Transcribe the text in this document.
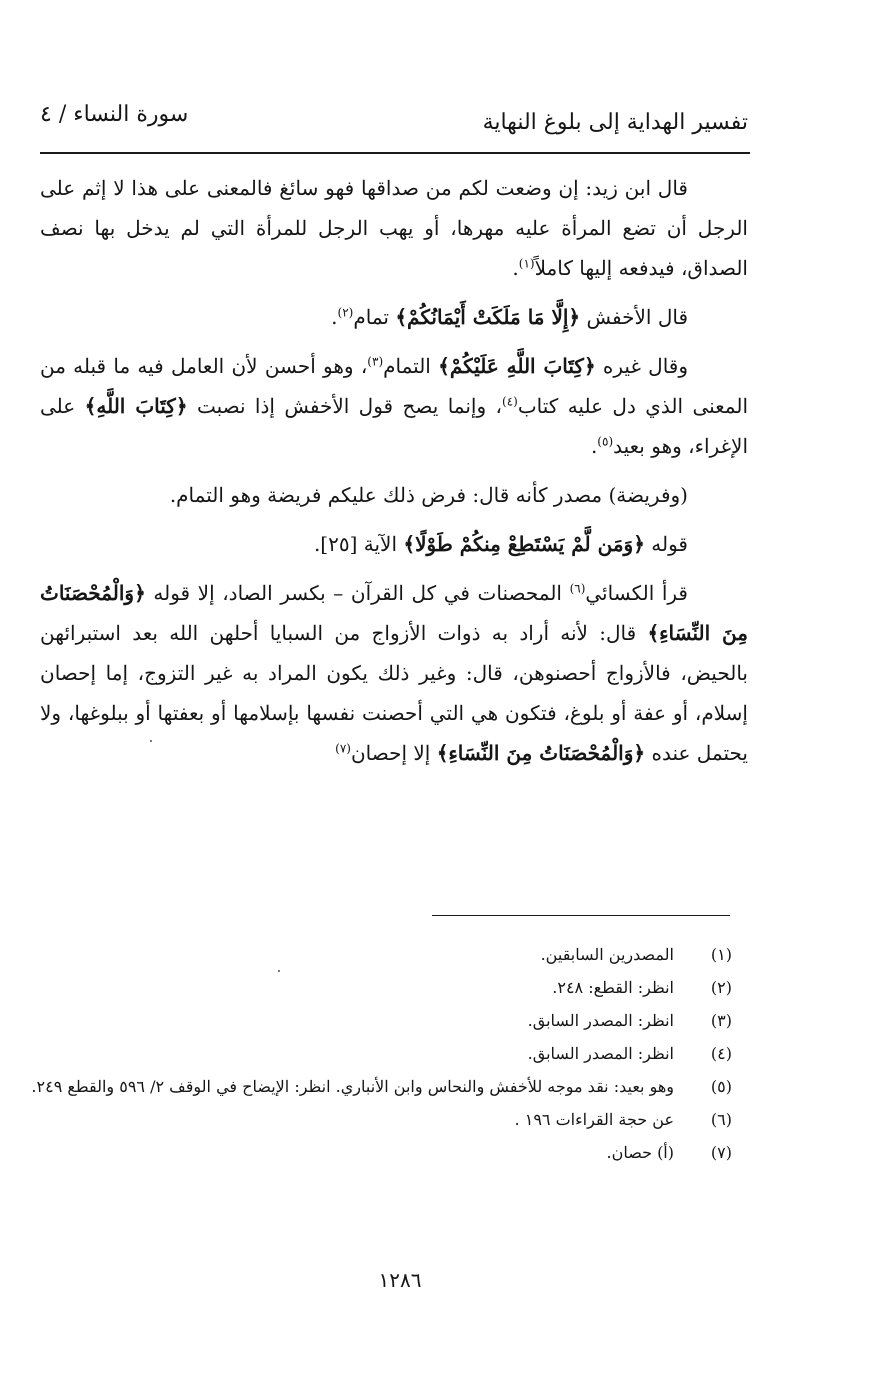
تفسير الهداية إلى بلوغ النهاية
سورة النساء / ٤

قال ابن زيد: إن وضعت لكم من صداقها فهو سائغ فالمعنى على هذا لا إثم على الرجل أن تضع المرأة عليه مهرها، أو يهب الرجل للمرأة التي لم يدخل بها نصف الصداق، فيدفعه إليها كاملاً$^{(١)}$.

قال الأخفش ﴿إِلَّا مَا مَلَكَتْ أَيْمَانُكُمْ﴾ تمام$^{(٢)}$.

وقال غيره ﴿كِتَابَ اللَّهِ عَلَيْكُمْ﴾ التمام$^{(٣)}$، وهو أحسن لأن العامل فيه ما قبله من المعنى الذي دل عليه كتاب$^{(٤)}$، وإنما يصح قول الأخفش إذا نصبت ﴿كِتَابَ اللَّهِ﴾ على الإغراء، وهو بعيد$^{(٥)}$.

(وفريضة) مصدر كأنه قال: فرض ذلك عليكم فريضة وهو التمام.

قوله ﴿وَمَن لَّمْ يَسْتَطِعْ مِنكُمْ طَوْلًا﴾ الآية [٢٥].

قرأ الكسائي$^{(٦)}$ المحصنات في كل القرآن – بكسر الصاد، إلا قوله ﴿وَالْمُحْصَنَاتُ مِنَ النِّسَاءِ﴾ قال: لأنه أراد به ذوات الأزواج من السبايا أحلهن الله بعد استبرائهن بالحيض، فالأزواج أحصنوهن، قال: وغير ذلك يكون المراد به غير التزوج، إما إحصان إسلام، أو عفة أو بلوغ، فتكون هي التي أحصنت نفسها بإسلامها أو بعفتها أو ببلوغها، ولا يحتمل عنده ﴿وَالْمُحْصَنَاتُ مِنَ النِّسَاءِ﴾ إلا إحصان$^{(٧)}$

(١)
المصدرين السابقين.
(٢)
انظر: القطع: ٢٤٨.
(٣)
انظر: المصدر السابق.
(٤)
انظر: المصدر السابق.
(٥)
وهو بعيد: نقد موجه للأخفش والنحاس وابن الأنباري. انظر: الإيضاح في الوقف ٢/ ٥٩٦ والقطع ٢٤٩.
(٦)
عن حجة القراءات ١٩٦ .
(٧)
(أ) حصان.
١٢٨٦
